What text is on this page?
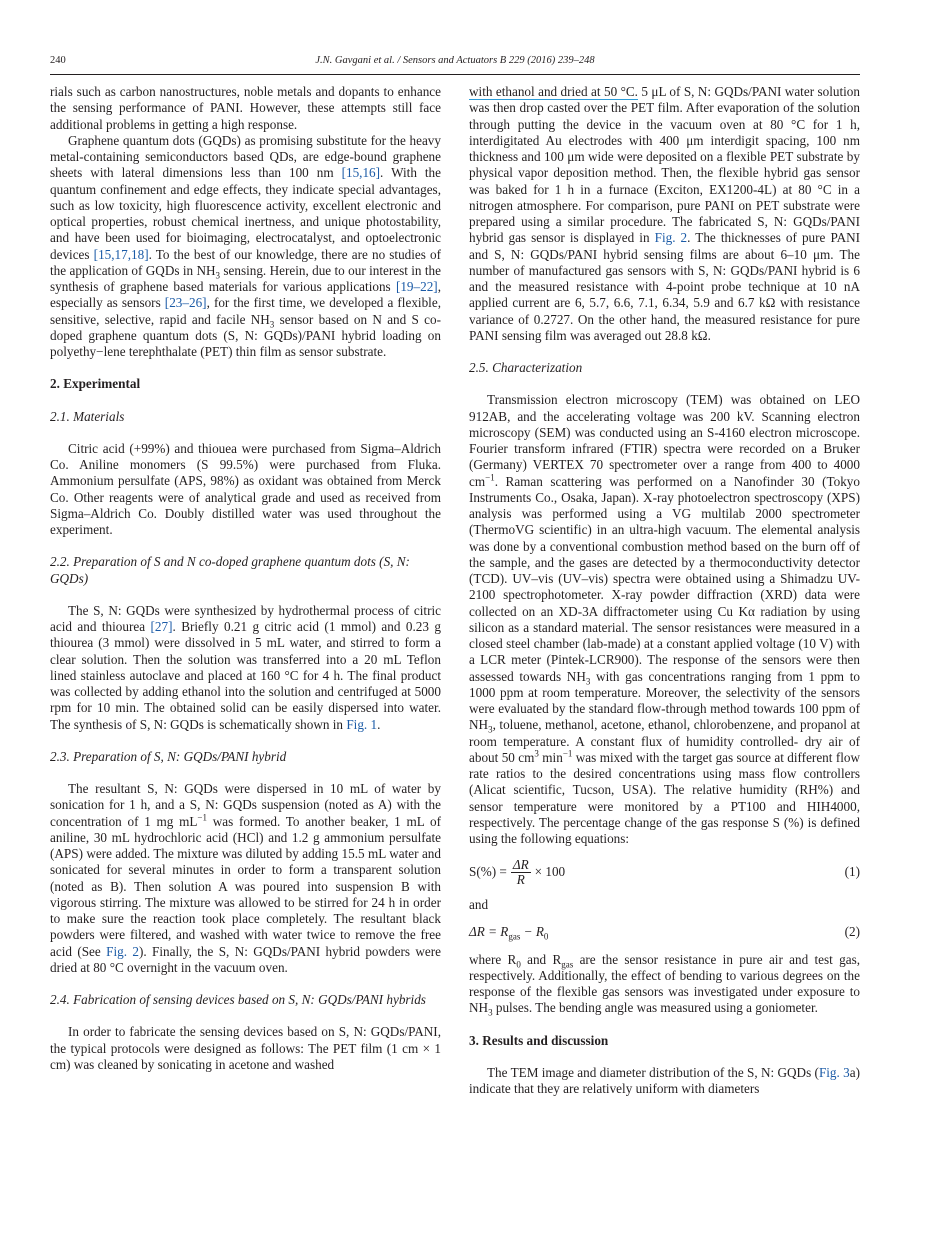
240	J.N. Gavgani et al. / Sensors and Actuators B 229 (2016) 239–248

rials such as carbon nanostructures, noble metals and dopants to enhance the sensing performance of PANI. However, these attempts still face additional problems in getting a high response.

Graphene quantum dots (GQDs) as promising substitute for the heavy metal-containing semiconductors based QDs, are edge-bound graphene sheets with lateral dimensions less than 100 nm [15,16]. With the quantum confinement and edge effects, they indicate special advantages, such as low toxicity, high fluorescence activity, excellent electronic and optical properties, robust chemical inertness, and unique photostability, and have been used for bioimaging, electrocatalyst, and optoelectronic devices [15,17,18]. To the best of our knowledge, there are no studies of the application of GQDs in $NH_3$ sensing. Herein, due to our interest in the synthesis of graphene based materials for various applications [19–22], especially as sensors [23–26], for the first time, we developed a flexible, sensitive, selective, rapid and facile $NH_3$ sensor based on N and S co-doped graphene quantum dots (S, N: GQDs)/PANI hybrid loading on polyethy−lene terephthalate (PET) thin film as sensor substrate.

2. Experimental
2.1. Materials

Citric acid (+99%) and thiouea were purchased from Sigma–Aldrich Co. Aniline monomers (S 99.5%) were purchased from Fluka. Ammonium persulfate (APS, 98%) as oxidant was obtained from Merck Co. Other reagents were of analytical grade and used as received from Sigma–Aldrich Co. Doubly distilled water was used throughout the experiment.

2.2. Preparation of S and N co-doped graphene quantum dots (S, N: GQDs)

The S, N: GQDs were synthesized by hydrothermal process of citric acid and thiourea [27]. Briefly 0.21 g citric acid (1 mmol) and 0.23 g thiourea (3 mmol) were dissolved in 5 mL water, and stirred to form a clear solution. Then the solution was transferred into a 20 mL Teflon lined stainless autoclave and placed at 160 °C for 4 h. The final product was collected by adding ethanol into the solution and centrifuged at 5000 rpm for 10 min. The obtained solid can be easily dispersed into water. The synthesis of S, N: GQDs is schematically shown in Fig. 1.

2.3. Preparation of S, N: GQDs/PANI hybrid

The resultant S, N: GQDs were dispersed in 10 mL of water by sonication for 1 h, and a S, N: GQDs suspension (noted as A) with the concentration of 1 mg $mL^{-1}$ was formed. To another beaker, 1 mL of aniline, 30 mL hydrochloric acid (HCl) and 1.2 g ammonium persulfate (APS) were added. The mixture was diluted by adding 15.5 mL water and sonicated for several minutes in order to form a transparent solution (noted as B). Then solution A was poured into suspension B with vigorous stirring. The mixture was allowed to be stirred for 24 h in order to make sure the reaction took place completely. The resultant black powders were filtered, and washed with water twice to remove the free acid (See Fig. 2). Finally, the S, N: GQDs/PANI hybrid powders were dried at 80 °C overnight in the vacuum oven.

2.4. Fabrication of sensing devices based on S, N: GQDs/PANI hybrids

In order to fabricate the sensing devices based on S, N: GQDs/PANI, the typical protocols were designed as follows: The PET film (1 cm × 1 cm) was cleaned by sonicating in acetone and washed

with ethanol and dried at 50 °C. 5 μL of S, N: GQDs/PANI water solution was then drop casted over the PET film. After evaporation of the solution through putting the device in the vacuum oven at 80 °C for 1 h, interdigitated Au electrodes with 400 μm interdigit spacing, 100 nm thickness and 100 μm wide were deposited on a flexible PET substrate by physical vapor deposition method. Then, the flexible hybrid gas sensor was baked for 1 h in a furnace (Exciton, EX1200-4L) at 80 °C in a nitrogen atmosphere. For comparison, pure PANI on PET substrate were prepared using a similar procedure. The fabricated S, N: GQDs/PANI hybrid gas sensor is displayed in Fig. 2. The thicknesses of pure PANI and S, N: GQDs/PANI hybrid sensing films are about 6–10 μm. The number of manufactured gas sensors with S, N: GQDs/PANI hybrid is 6 and the measured resistance with 4-point probe technique at 10 nA applied current are 6, 5.7, 6.6, 7.1, 6.34, 5.9 and 6.7 kΩ with resistance variance of 0.2727. On the other hand, the measured resistance for pure PANI sensing film was averaged out 28.8 kΩ.

2.5. Characterization

Transmission electron microscopy (TEM) was obtained on LEO 912AB, and the accelerating voltage was 200 kV. Scanning electron microscopy (SEM) was conducted using an S-4160 electron microscope. Fourier transform infrared (FTIR) spectra were recorded on a Bruker (Germany) VERTEX 70 spectrometer over a range from 400 to 4000 $cm^{-1}$. Raman scattering was performed on a Nanofinder 30 (Tokyo Instruments Co., Osaka, Japan). X-ray photoelectron spectroscopy (XPS) analysis was performed using a VG multilab 2000 spectrometer (ThermoVG scientific) in an ultra-high vacuum. The elemental analysis was done by a conventional combustion method based on the burn off of the sample, and the gases are detected by a thermoconductivity detector (TCD). UV–vis (UV–vis) spectra were obtained using a Shimadzu UV-2100 spectrophotometer. X-ray powder diffraction (XRD) data were collected on an XD-3A diffractometer using Cu Kα radiation by using silicon as a standard material. The sensor resistances were measured in a closed steel chamber (lab-made) at a constant applied voltage (10 V) with a LCR meter (Pintek-LCR900). The response of the sensors were then assessed towards $NH_3$ with gas concentrations ranging from 1 ppm to 1000 ppm at room temperature. Moreover, the selectivity of the sensors were evaluated by the standard flow-through method towards 100 ppm of $NH_3$, toluene, methanol, acetone, ethanol, chlorobenzene, and propanol at room temperature. A constant flux of humidity controlled- dry air of about 50 $cm^3$ $\min^{-1}$ was mixed with the target gas source at different flow rate ratios to the desired concentrations using mass flow controllers (Alicat scientific, Tucson, USA). The relative humidity (RH%) and sensor temperature were monitored by a PT100 and HIH4000, respectively. The percentage change of the gas response S (%) is defined using the following equations:

$S(\%) = \frac{\Delta R}{R} \times 100$	(1)

and

$\Delta R = R_{gas} - R_0$	(2)

where $R_0$ and $R_{gas}$ are the sensor resistance in pure air and test gas, respectively. Additionally, the effect of bending to various degrees on the response of the flexible gas sensors was investigated under exposure to $NH_3$ pulses. The bending angle was measured using a goniometer.

3. Results and discussion

The TEM image and diameter distribution of the S, N: GQDs (Fig. 3a) indicate that they are relatively uniform with diameters
